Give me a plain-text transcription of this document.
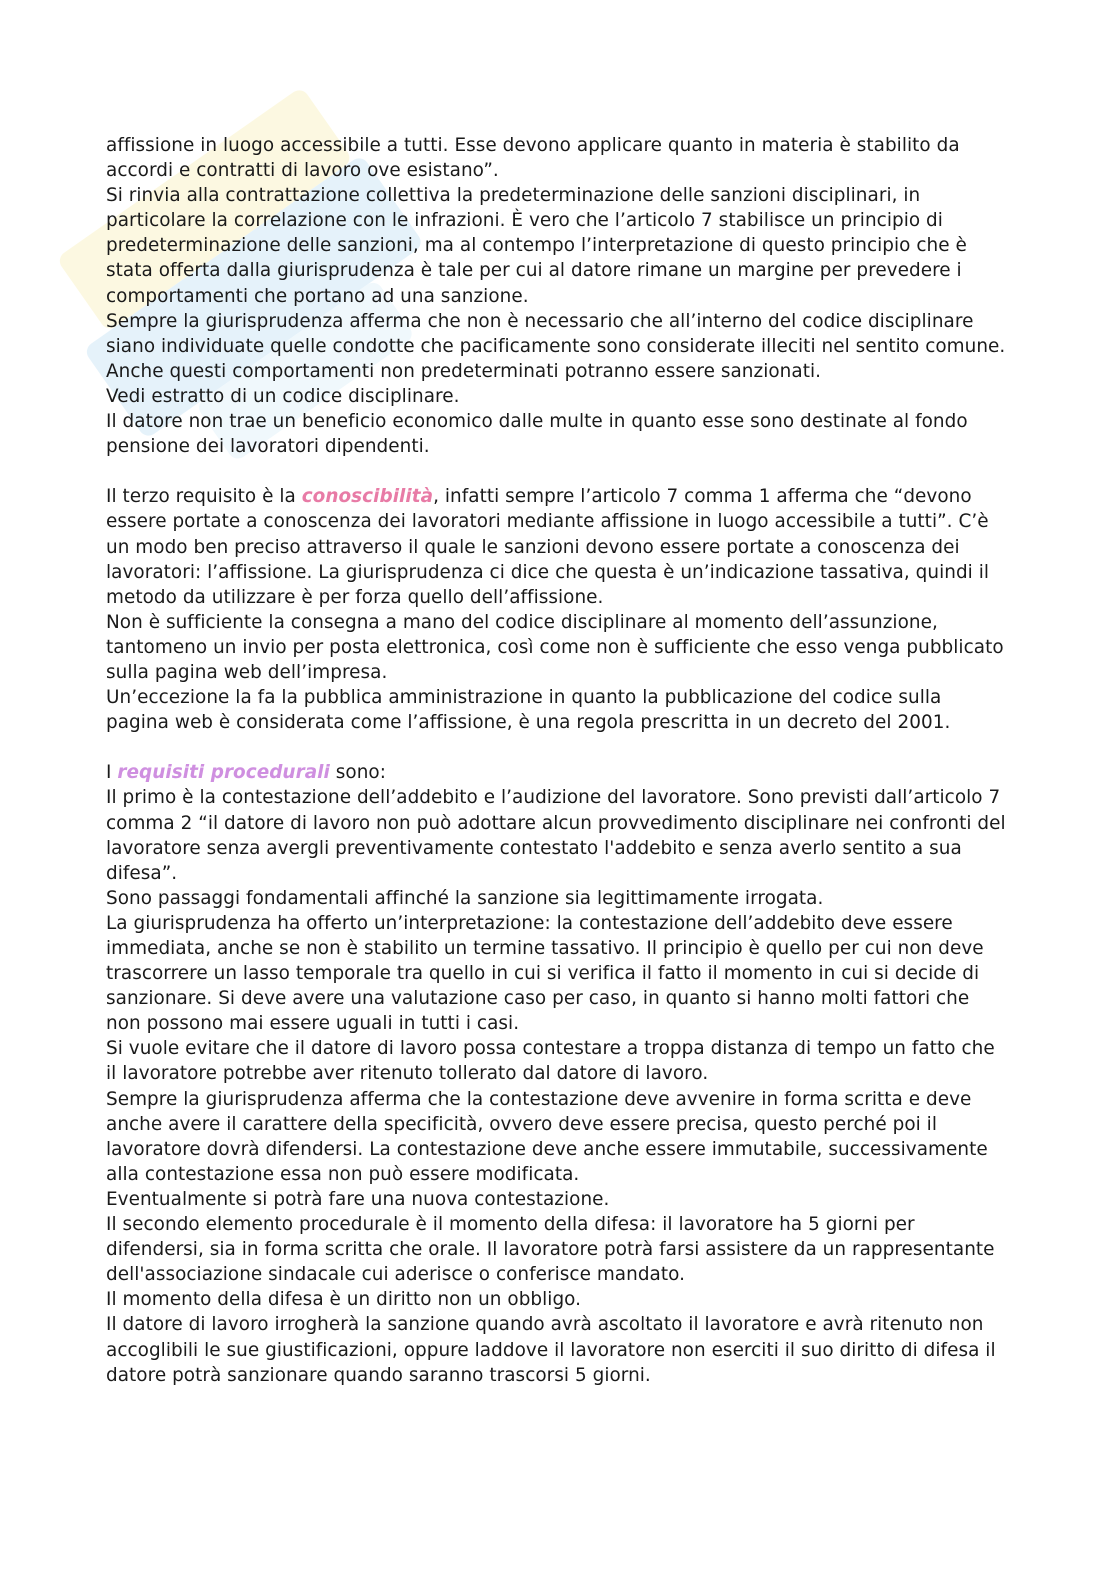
affissione in luogo accessibile a tutti. Esse devono applicare quanto in materia è stabilito da accordi e contratti di lavoro ove esistano”.

Si rinvia alla contrattazione collettiva la predeterminazione delle sanzioni disciplinari, in particolare la correlazione con le infrazioni. È vero che l’articolo 7 stabilisce un principio di predeterminazione delle sanzioni, ma al contempo l’interpretazione di questo principio che è stata offerta dalla giurisprudenza è tale per cui al datore rimane un margine per prevedere i comportamenti che portano ad una sanzione.

Sempre la giurisprudenza afferma che non è necessario che all’interno del codice disciplinare siano individuate quelle condotte che pacificamente sono considerate illeciti nel sentito comune. Anche questi comportamenti non predeterminati potranno essere sanzionati.

Vedi estratto di un codice disciplinare.

Il datore non trae un beneficio economico dalle multe in quanto esse sono destinate al fondo pensione dei lavoratori dipendenti.

Il terzo requisito è la conoscibilità, infatti sempre l’articolo 7 comma 1 afferma che “devono essere portate a conoscenza dei lavoratori mediante affissione in luogo accessibile a tutti”. C’è un modo ben preciso attraverso il quale le sanzioni devono essere portate a conoscenza dei lavoratori: l’affissione. La giurisprudenza ci dice che questa è un’indicazione tassativa, quindi il metodo da utilizzare è per forza quello dell’affissione.

Non è sufficiente la consegna a mano del codice disciplinare al momento dell’assunzione, tantomeno un invio per posta elettronica, così come non è sufficiente che esso venga pubblicato sulla pagina web dell’impresa.

Un’eccezione la fa la pubblica amministrazione in quanto la pubblicazione del codice sulla pagina web è considerata come l’affissione, è una regola prescritta in un decreto del 2001.

I requisiti procedurali sono:

Il primo è la contestazione dell’addebito e l’audizione del lavoratore. Sono previsti dall’articolo 7 comma 2 “il datore di lavoro non può adottare alcun provvedimento disciplinare nei confronti del lavoratore senza avergli preventivamente contestato l'addebito e senza averlo sentito a sua difesa”.

Sono passaggi fondamentali affinché la sanzione sia legittimamente irrogata.

La giurisprudenza ha offerto un’interpretazione: la contestazione dell’addebito deve essere immediata, anche se non è stabilito un termine tassativo. Il principio è quello per cui non deve trascorrere un lasso temporale tra quello in cui si verifica il fatto il momento in cui si decide di sanzionare. Si deve avere una valutazione caso per caso, in quanto si hanno molti fattori che non possono mai essere uguali in tutti i casi.

Si vuole evitare che il datore di lavoro possa contestare a troppa distanza di tempo un fatto che il lavoratore potrebbe aver ritenuto tollerato dal datore di lavoro.

Sempre la giurisprudenza afferma che la contestazione deve avvenire in forma scritta e deve anche avere il carattere della specificità, ovvero deve essere precisa, questo perché poi il lavoratore dovrà difendersi. La contestazione deve anche essere immutabile, successivamente alla contestazione essa non può essere modificata.

Eventualmente si potrà fare una nuova contestazione.

Il secondo elemento procedurale è il momento della difesa: il lavoratore ha 5 giorni per difendersi, sia in forma scritta che orale. Il lavoratore potrà farsi assistere da un rappresentante dell'associazione sindacale cui aderisce o conferisce mandato.

Il momento della difesa è un diritto non un obbligo.

Il datore di lavoro irrogherà la sanzione quando avrà ascoltato il lavoratore e avrà ritenuto non accoglibili le sue giustificazioni, oppure laddove il lavoratore non eserciti il suo diritto di difesa il datore potrà sanzionare quando saranno trascorsi 5 giorni.
